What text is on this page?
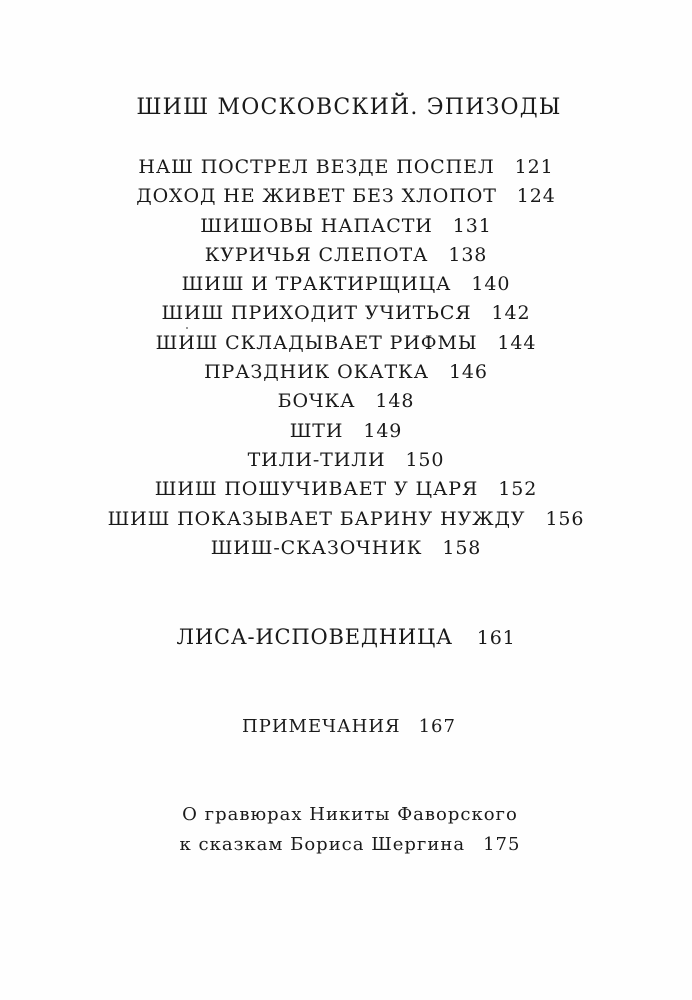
ШИШ МОСКОВСКИЙ. ЭПИЗОДЫ
НАШ ПОСТРЕЛ ВЕЗДЕ ПОСПЕЛ 121
ДОХОД НЕ ЖИВЕТ БЕЗ ХЛОПОТ 124
ШИШОВЫ НАПАСТИ 131
КУРИЧЬЯ СЛЕПОТА 138
ШИШ И ТРАКТИРЩИЦА 140
ШИШ ПРИХОДИТ УЧИТЬСЯ 142
ШИШ СКЛАДЫВАЕТ РИФМЫ 144
ПРАЗДНИК ОКАТКА 146
БОЧКА 148
ШТИ 149
ТИЛИ-ТИЛИ 150
ШИШ ПОШУЧИВАЕТ У ЦАРЯ 152
ШИШ ПОКАЗЫВАЕТ БАРИНУ НУЖДУ 156
ШИШ-СКАЗОЧНИК 158
ЛИСА-ИСПОВЕДНИЦА 161
ПРИМЕЧАНИЯ 167
О гравюрах Никиты Фаворского
к сказкам Бориса Шергина 175
